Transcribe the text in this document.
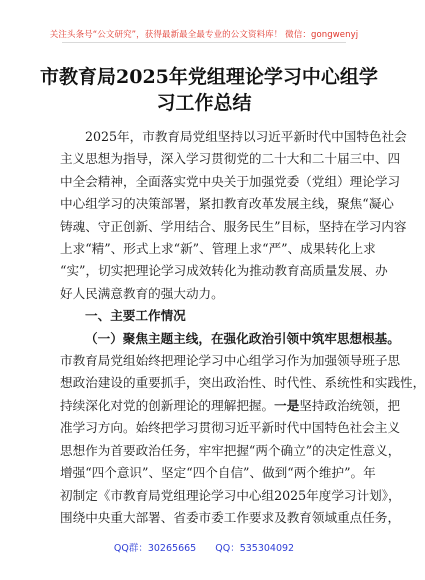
关注头条号“公文研究”，获得最新最全最专业的公文资料库！ 微信：gongwenyj
市教育局2025年党组理论学习中心组学
习工作总结

2025年，市教育局党组坚持以习近平新时代中国特色社会
主义思想为指导，深入学习贯彻党的二十大和二十届三中、四
中全会精神，全面落实党中央关于加强党委（党组）理论学习
中心组学习的决策部署，紧扣教育改革发展主线，聚焦“凝心
铸魂、守正创新、学用结合、服务民生”目标，坚持在学习内容
上求“精”、形式上求“新”、管理上求“严”、成果转化上求
“实”，切实把理论学习成效转化为推动教育高质量发展、办
好人民满意教育的强大动力。

一、主要工作情况
（一）聚焦主题主线，在强化政治引领中筑牢思想根基。

市教育局党组始终把理论学习中心组学习作为加强领导班子思
想政治建设的重要抓手，突出政治性、时代性、系统性和实践性，
持续深化对党的创新理论的理解把握。一是坚持政治统领，把
准学习方向。始终把学习贯彻习近平新时代中国特色社会主义
思想作为首要政治任务，牢牢把握“两个确立”的决定性意义，
增强“四个意识”、坚定“四个自信”、做到“两个维护”。年
初制定《市教育局党组理论学习中心组2025年度学习计划》，
围绕中央重大部署、省委市委工作要求及教育领域重点任务，

QQ群：30265665 QQ：535304092
